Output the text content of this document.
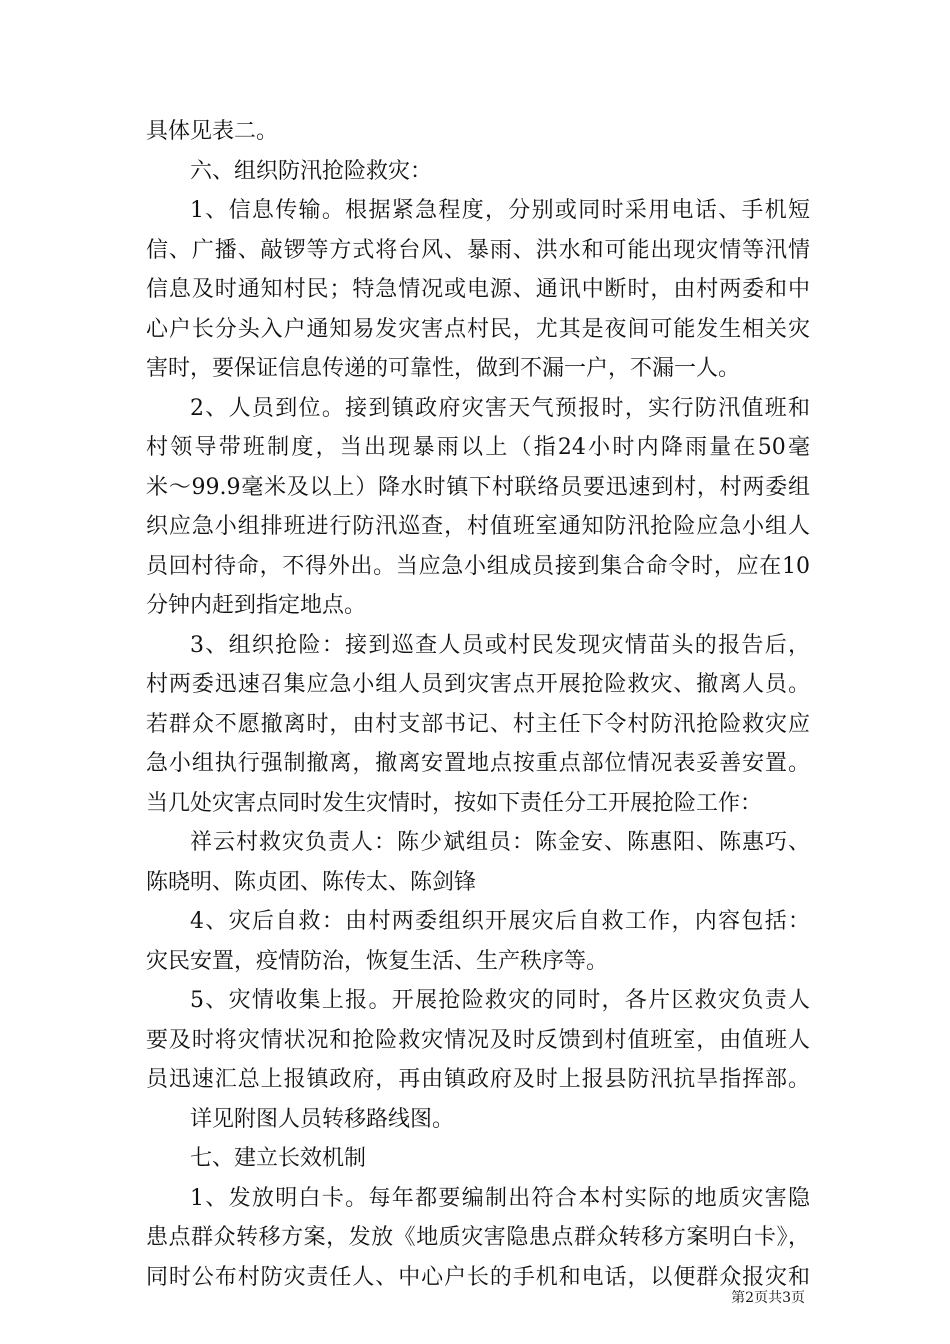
具体见表二。
六、组织防汛抢险救灾：
1、信息传输。根据紧急程度，分别或同时采用电话、手机短
信、广播、敲锣等方式将台风、暴雨、洪水和可能出现灾情等汛情
信息及时通知村民；特急情况或电源、通讯中断时，由村两委和中
心户长分头入户通知易发灾害点村民，尤其是夜间可能发生相关灾
害时，要保证信息传递的可靠性，做到不漏一户，不漏一人。
2、人员到位。接到镇政府灾害天气预报时，实行防汛值班和
村领导带班制度，当出现暴雨以上（指24小时内降雨量在50毫
米～99.9毫米及以上）降水时镇下村联络员要迅速到村，村两委组
织应急小组排班进行防汛巡查，村值班室通知防汛抢险应急小组人
员回村待命，不得外出。当应急小组成员接到集合命令时，应在10
分钟内赶到指定地点。
3、组织抢险：接到巡查人员或村民发现灾情苗头的报告后，
村两委迅速召集应急小组人员到灾害点开展抢险救灾、撤离人员。
若群众不愿撤离时，由村支部书记、村主任下令村防汛抢险救灾应
急小组执行强制撤离，撤离安置地点按重点部位情况表妥善安置。
当几处灾害点同时发生灾情时，按如下责任分工开展抢险工作：
祥云村救灾负责人：陈少斌组员：陈金安、陈惠阳、陈惠巧、
陈晓明、陈贞团、陈传太、陈剑锋
4、灾后自救：由村两委组织开展灾后自救工作，内容包括：
灾民安置，疫情防治，恢复生活、生产秩序等。
5、灾情收集上报。开展抢险救灾的同时，各片区救灾负责人
要及时将灾情状况和抢险救灾情况及时反馈到村值班室，由值班人
员迅速汇总上报镇政府，再由镇政府及时上报县防汛抗旱指挥部。
详见附图人员转移路线图。
七、建立长效机制
1、发放明白卡。每年都要编制出符合本村实际的地质灾害隐
患点群众转移方案，发放《地质灾害隐患点群众转移方案明白卡》，
同时公布村防灾责任人、中心户长的手机和电话，以便群众报灾和
第2页共3页
